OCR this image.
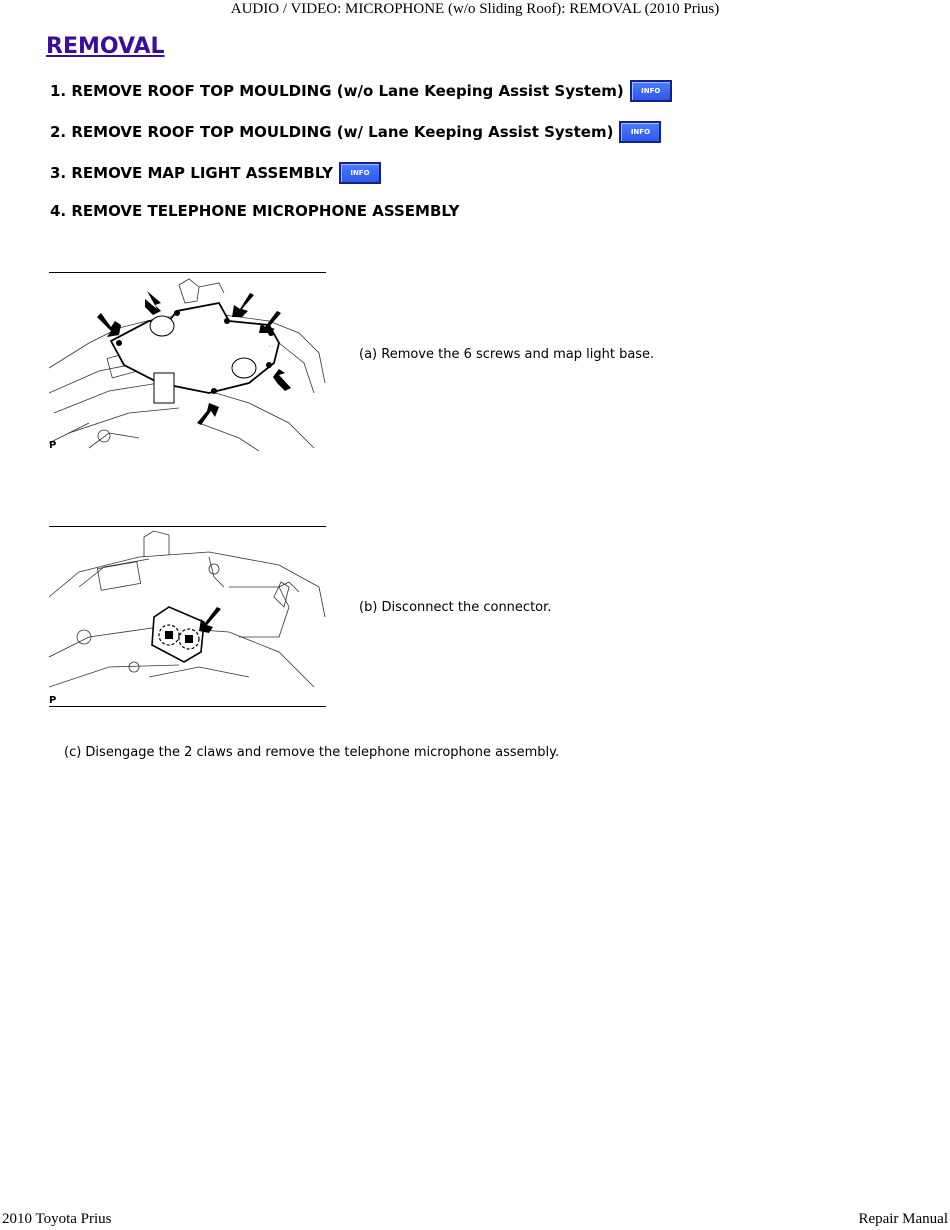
AUDIO / VIDEO: MICROPHONE (w/o Sliding Roof): REMOVAL (2010 Prius)
REMOVAL
1. REMOVE ROOF TOP MOULDING (w/o Lane Keeping Assist System)	INFO
2. REMOVE ROOF TOP MOULDING (w/ Lane Keeping Assist System)	INFO
3. REMOVE MAP LIGHT ASSEMBLY	INFO
4. REMOVE TELEPHONE MICROPHONE ASSEMBLY
· ·
P
(a) Remove the 6 screws and map light base.
P
(b) Disconnect the connector.
(c) Disengage the 2 claws and remove the telephone microphone assembly.
2010 Toyota Prius	Repair Manual
